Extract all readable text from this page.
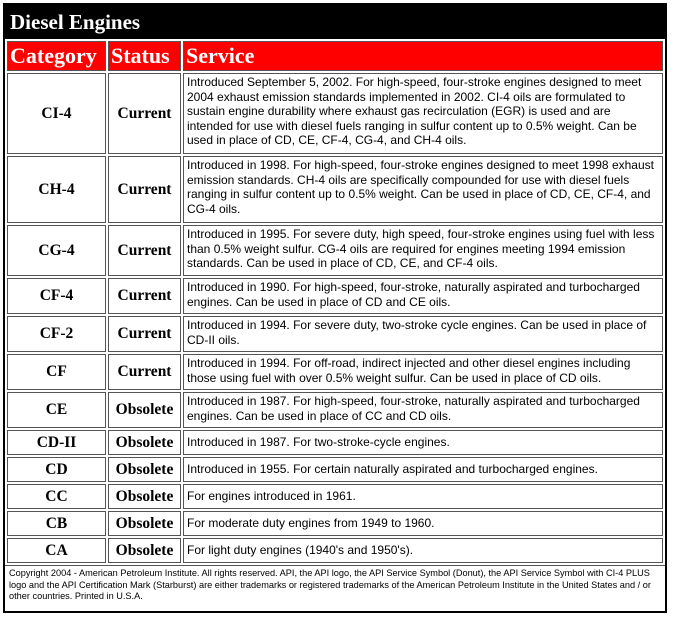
Diesel Engines
Category	Status	Service
CI-4	Current	Introduced September 5, 2002. For high-speed, four-stroke engines designed to meet 2004 exhaust emission standards implemented in 2002. CI-4 oils are formulated to sustain engine durability where exhaust gas recirculation (EGR) is used and are intended for use with diesel fuels ranging in sulfur content up to 0.5% weight. Can be used in place of CD, CE, CF-4, CG-4, and CH-4 oils.
CH-4	Current	Introduced in 1998. For high-speed, four-stroke engines designed to meet 1998 exhaust emission standards. CH-4 oils are specifically compounded for use with diesel fuels ranging in sulfur content up to 0.5% weight. Can be used in place of CD, CE, CF-4, and CG-4 oils.
CG-4	Current	Introduced in 1995. For severe duty, high speed, four-stroke engines using fuel with less than 0.5% weight sulfur. CG-4 oils are required for engines meeting 1994 emission standards. Can be used in place of CD, CE, and CF-4 oils.
CF-4	Current	Introduced in 1990. For high-speed, four-stroke, naturally aspirated and turbocharged engines. Can be used in place of CD and CE oils.
CF-2	Current	Introduced in 1994. For severe duty, two-stroke cycle engines. Can be used in place of CD-II oils.
CF	Current	Introduced in 1994. For off-road, indirect injected and other diesel engines including those using fuel with over 0.5% weight sulfur. Can be used in place of CD oils.
CE	Obsolete	Introduced in 1987. For high-speed, four-stroke, naturally aspirated and turbocharged engines. Can be used in place of CC and CD oils.
CD-II	Obsolete	Introduced in 1987. For two-stroke-cycle engines.
CD	Obsolete	Introduced in 1955. For certain naturally aspirated and turbocharged engines.
CC	Obsolete	For engines introduced in 1961.
CB	Obsolete	For moderate duty engines from 1949 to 1960.
CA	Obsolete	For light duty engines (1940's and 1950's).
Copyright 2004 - American Petroleum Institute. All rights reserved. API, the API logo, the API Service Symbol (Donut), the API Service Symbol with CI-4 PLUS logo and the API Certification Mark (Starburst) are either trademarks or registered trademarks of the American Petroleum Institute in the United States and / or other countries. Printed in U.S.A.
